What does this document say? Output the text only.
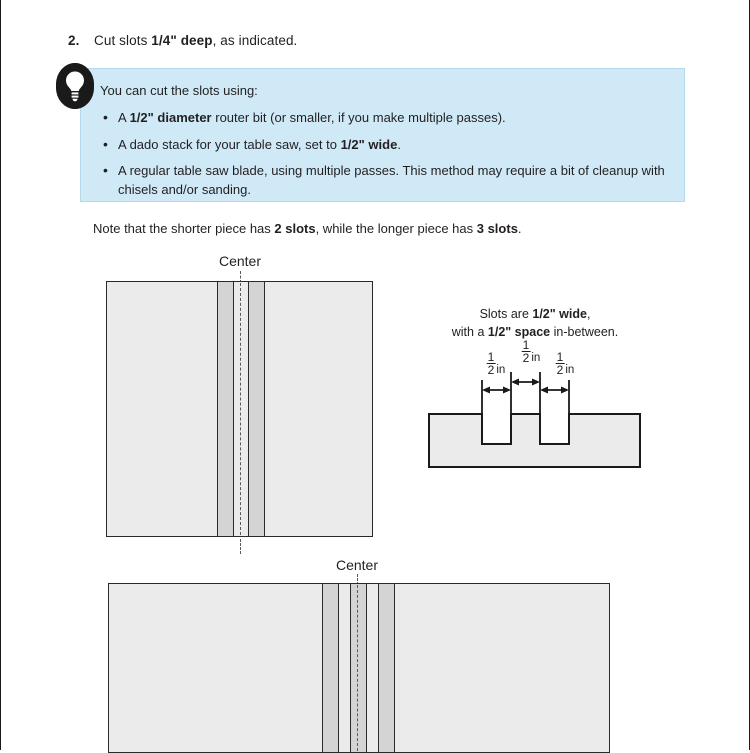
2.	Cut slots 1/4" deep, as indicated.

You can cut the slots using:

• A 1/2" diameter router bit (or smaller, if you make multiple passes).
• A dado stack for your table saw, set to 1/2" wide.
• A regular table saw blade, using multiple passes. This method may require a bit of cleanup with chisels and/or sanding.
Note that the shorter piece has 2 slots, while the longer piece has 3 slots.
Center
Slots are 1/2" wide,
with a 1/2" space in-between.
$\frac{1}{2}$ in
$\frac{1}{2}$ in $\frac{1}{2}$ in
Center
